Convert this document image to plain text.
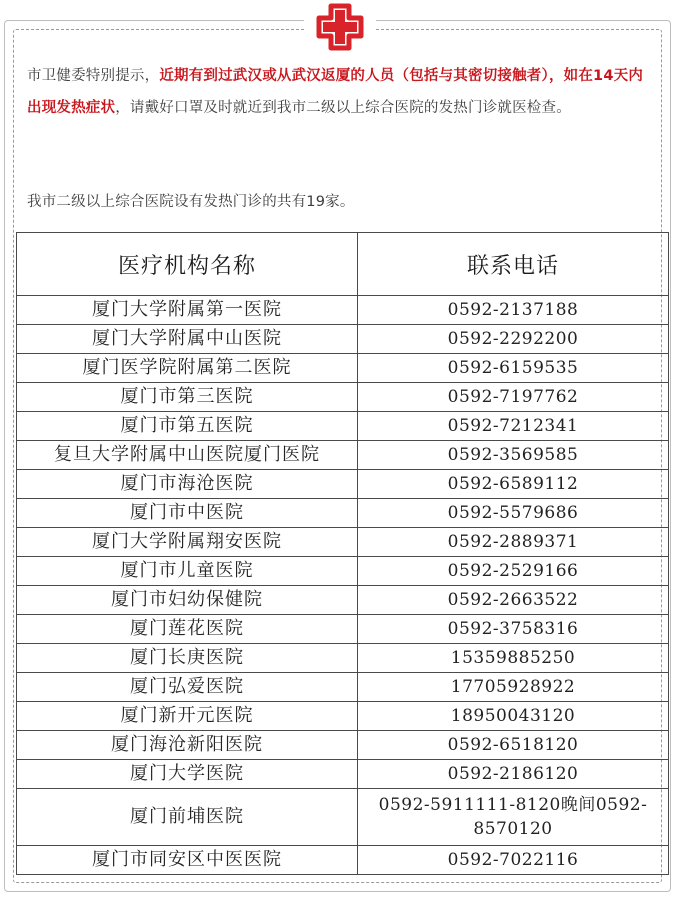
市卫健委特别提示，近期有到过武汉或从武汉返厦的人员（包括与其密切接触者），如在14天内出现发热症状，请戴好口罩及时就近到我市二级以上综合医院的发热门诊就医检查。
我市二级以上综合医院设有发热门诊的共有19家。
医疗机构名称	联系电话
厦门大学附属第一医院	0592-2137188
厦门大学附属中山医院	0592-2292200
厦门医学院附属第二医院	0592-6159535
厦门市第三医院	0592-7197762
厦门市第五医院	0592-7212341
复旦大学附属中山医院厦门医院	0592-3569585
厦门市海沧医院	0592-6589112
厦门市中医院	0592-5579686
厦门大学附属翔安医院	0592-2889371
厦门市儿童医院	0592-2529166
厦门市妇幼保健院	0592-2663522
厦门莲花医院	0592-3758316
厦门长庚医院	15359885250
厦门弘爱医院	17705928922
厦门新开元医院	18950043120
厦门海沧新阳医院	0592-6518120
厦门大学医院	0592-2186120
厦门前埔医院	0592-5911111-8120晚间0592-8570120
厦门市同安区中医医院	0592-7022116
